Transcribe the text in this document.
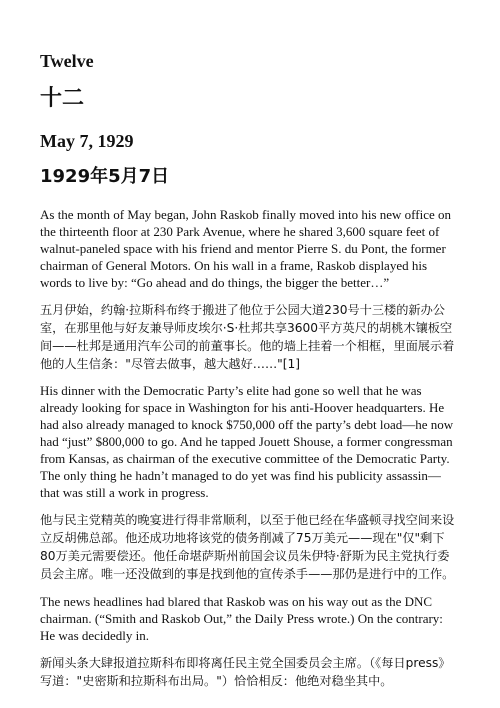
Twelve
十二
May 7, 1929
1929年5月7日

As the month of May began, John Raskob finally moved into his new office on the thirteenth floor at 230 Park Avenue, where he shared 3,600 square feet of walnut-paneled space with his friend and mentor Pierre S. du Pont, the former chairman of General Motors. On his wall in a frame, Raskob displayed his words to live by: “Go ahead and do things, the bigger the better…”

五月伊始，约翰·拉斯科布终于搬进了他位于公园大道230号十三楼的新办公室，在那里他与好友兼导师皮埃尔·S·杜邦共享3600平方英尺的胡桃木镶板空间——杜邦是通用汽车公司的前董事长。他的墙上挂着一个相框，里面展示着他的人生信条："尽管去做事，越大越好……"[1]

His dinner with the Democratic Party’s elite had gone so well that he was already looking for space in Washington for his anti-Hoover headquarters. He had also already managed to knock $750,000 off the party’s debt load—he now had “just” $800,000 to go. And he tapped Jouett Shouse, a former congressman from Kansas, as chairman of the executive committee of the Democratic Party. The only thing he hadn’t managed to do yet was find his publicity assassin—that was still a work in progress.

他与民主党精英的晚宴进行得非常顺利，以至于他已经在华盛顿寻找空间来设立反胡佛总部。他还成功地将该党的债务削减了75万美元——现在"仅"剩下80万美元需要偿还。他任命堪萨斯州前国会议员朱伊特·舒斯为民主党执行委员会主席。唯一还没做到的事是找到他的宣传杀手——那仍是进行中的工作。

The news headlines had blared that Raskob was on his way out as the DNC chairman. (“Smith and Raskob Out,” the Daily Press wrote.) On the contrary: He was decidedly in.

新闻头条大肆报道拉斯科布即将离任民主党全国委员会主席。（《每日press》写道："史密斯和拉斯科布出局。"）恰恰相反：他绝对稳坐其中。
